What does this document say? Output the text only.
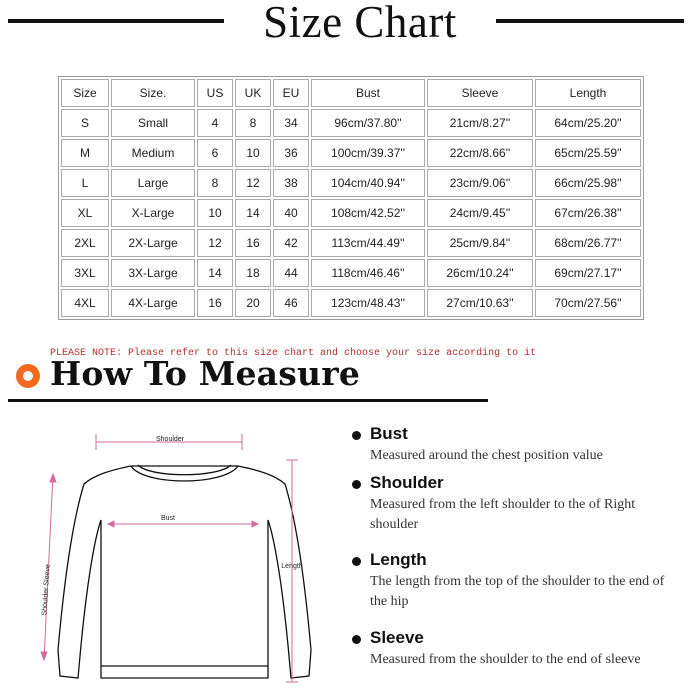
Size Chart
Size	Size.	US	UK	EU	Bust	Sleeve	Length
S	Small	4	8	34	96cm/37.80''	21cm/8.27''	64cm/25.20''
M	Medium	6	10	36	100cm/39.37''	22cm/8.66''	65cm/25.59''
L	Large	8	12	38	104cm/40.94''	23cm/9.06''	66cm/25.98''
XL	X-Large	10	14	40	108cm/42.52''	24cm/9.45''	67cm/26.38''
2XL	2X-Large	12	16	42	113cm/44.49''	25cm/9.84''	68cm/26.77''
3XL	3X-Large	14	18	44	118cm/46.46''	26cm/10.24''	69cm/27.17''
4XL	4X-Large	16	20	46	123cm/48.43''	27cm/10.63''	70cm/27.56''
PLEASE NOTE: Please refer to this size chart and choose your size according to it
How To Measure
Shoulder
Bust
Length
Shoulder Sleeve
Bust
Measured around the chest position value
Shoulder
Measured from the left shoulder to the of Right shoulder
Length
The length from the top of the shoulder to the end of the hip
Sleeve
Measured from the shoulder to the end of sleeve
